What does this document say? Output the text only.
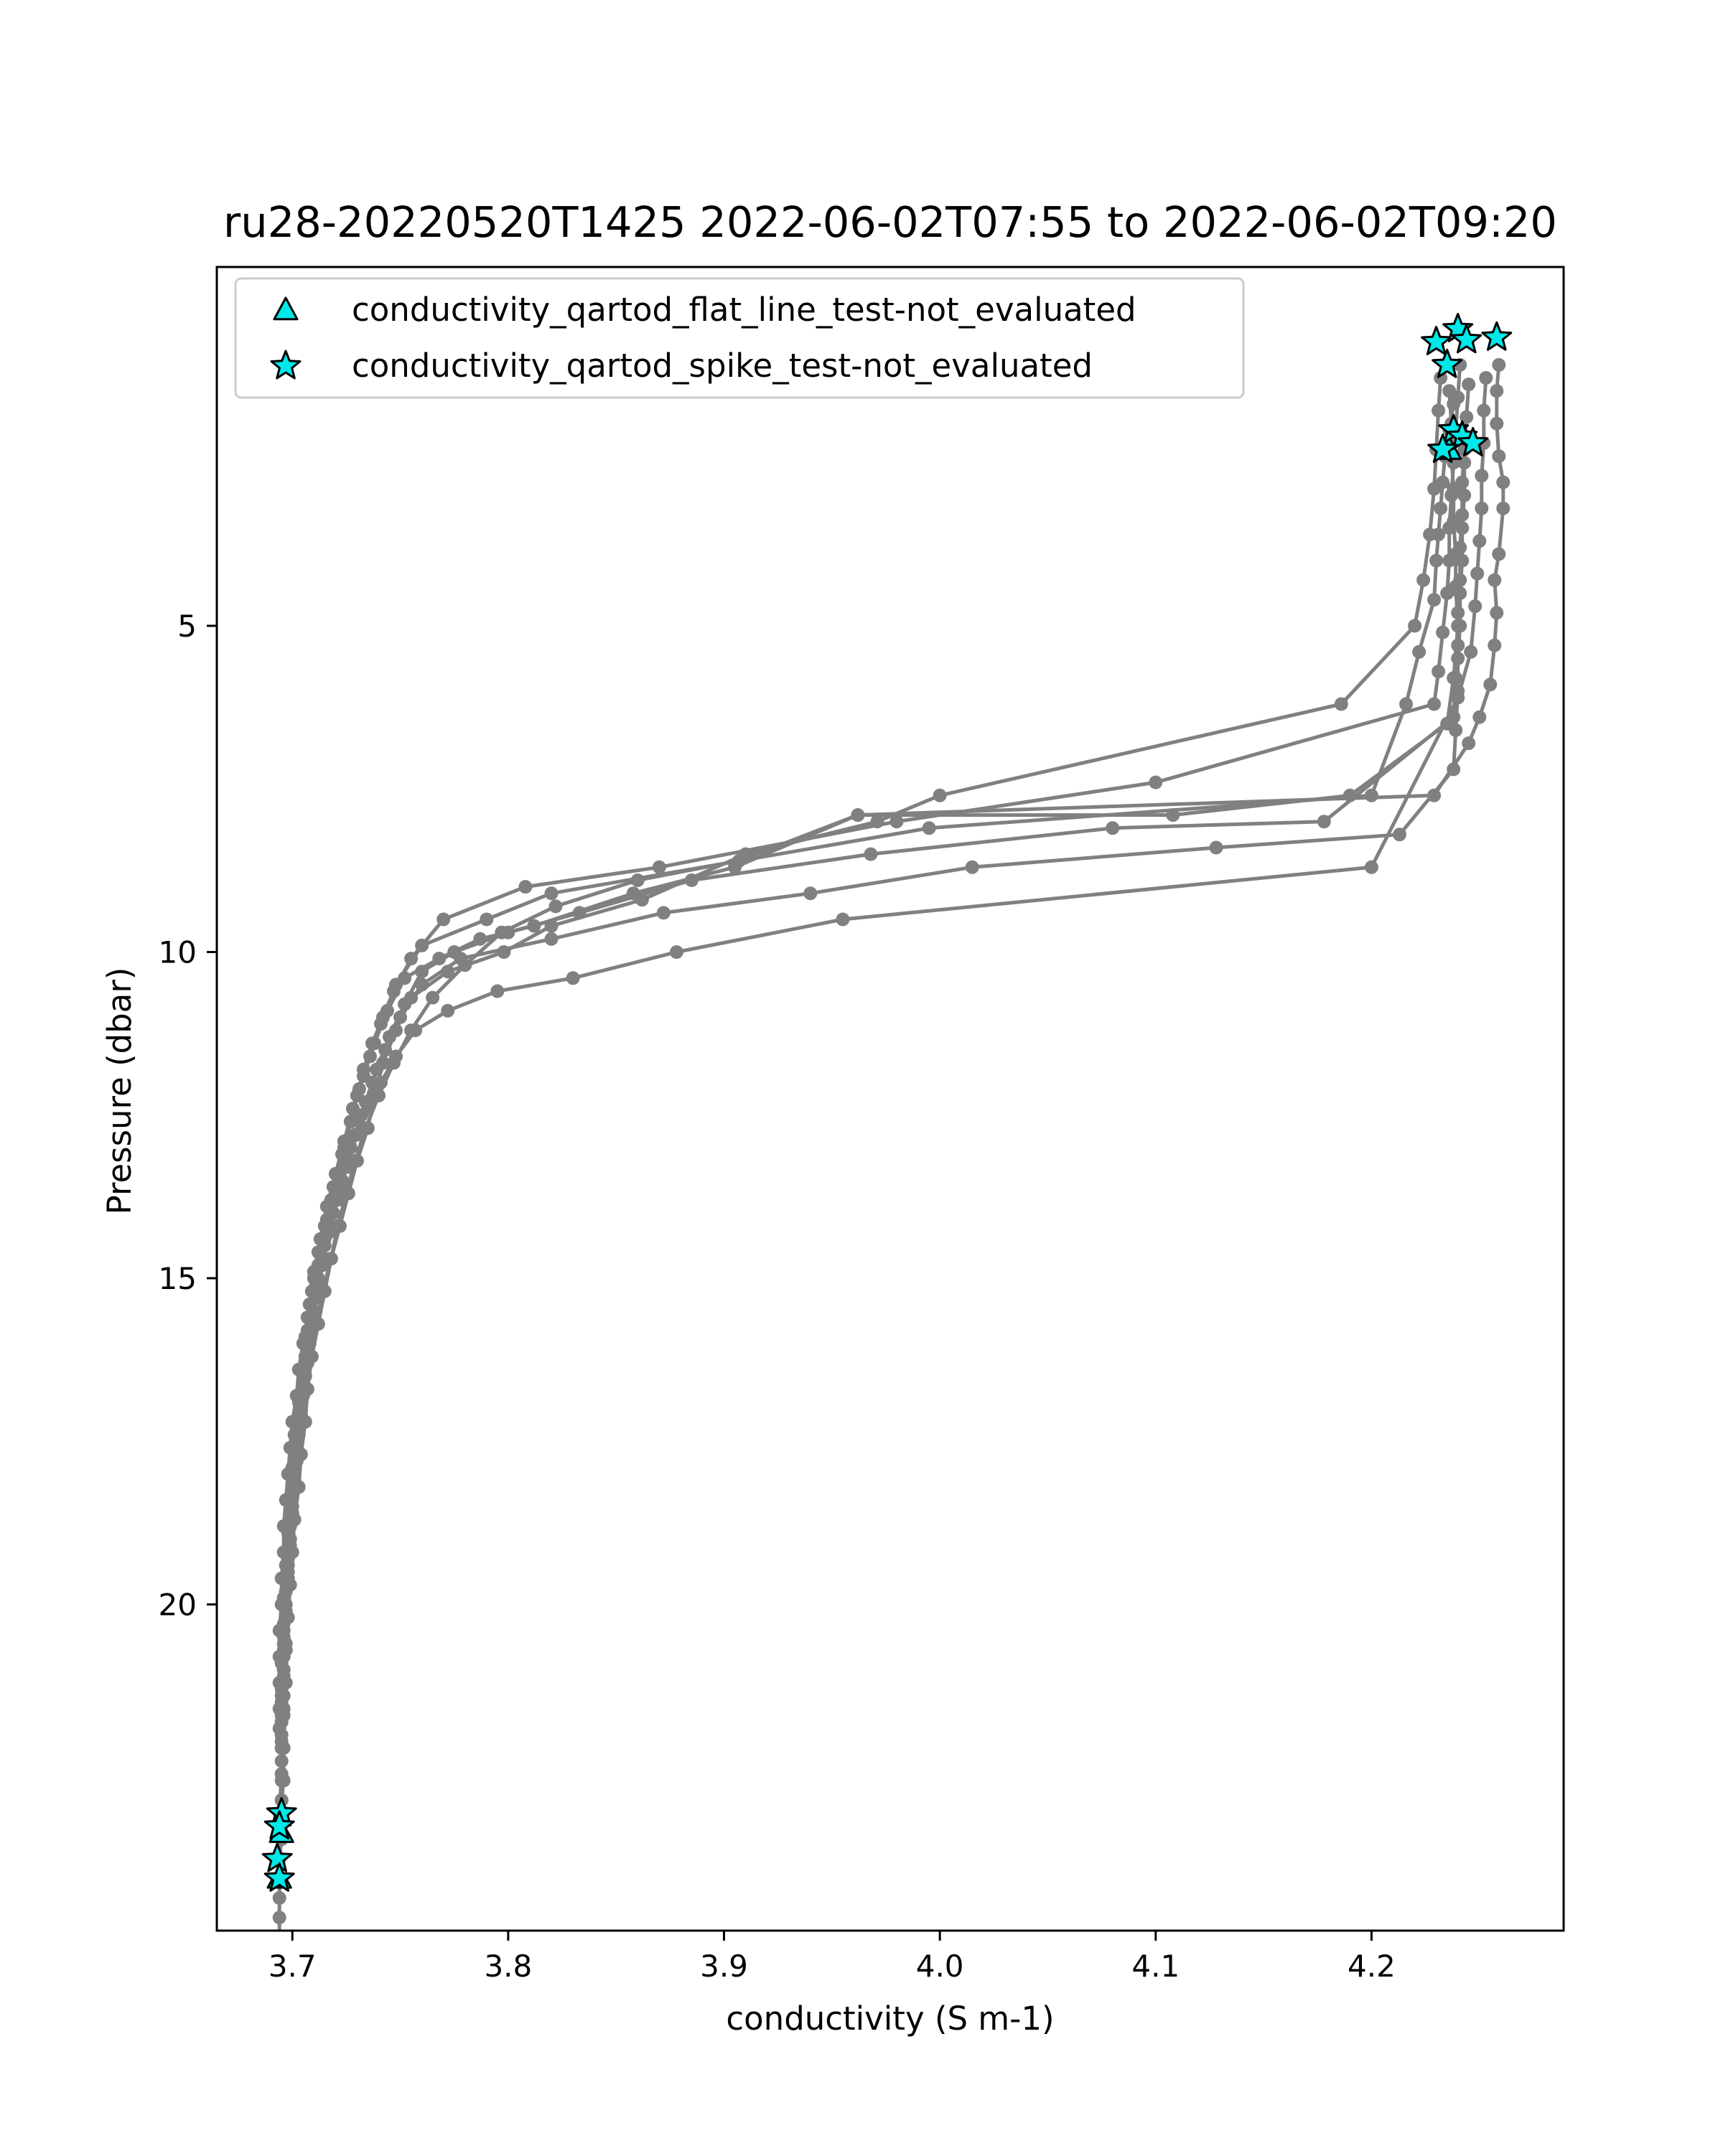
ru28-20220520T1425 2022-06-02T07:55 to 2022-06-02T09:20
conductivity (S m-1)
Pressure (dbar)
3.7	3.8	3.9	4.0	4.1	4.2
5
10
15
20
conductivity_qartod_flat_line_test-not_evaluated
conductivity_qartod_spike_test-not_evaluated
